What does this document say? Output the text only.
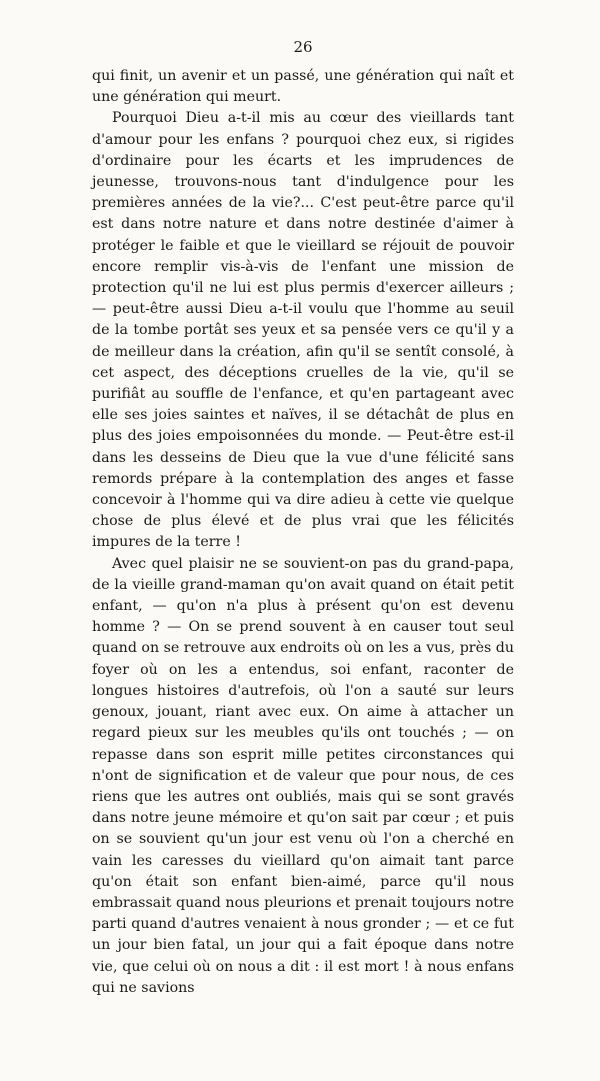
26

qui finit, un avenir et un passé, une génération qui naît et une génération qui meurt.

Pourquoi Dieu a-t-il mis au cœur des vieillards tant d'amour pour les enfans ? pourquoi chez eux, si rigides d'ordinaire pour les écarts et les imprudences de jeunesse, trouvons-nous tant d'indulgence pour les premières années de la vie?... C'est peut-être parce qu'il est dans notre nature et dans notre destinée d'aimer à protéger le faible et que le vieillard se réjouit de pouvoir encore remplir vis-à-vis de l'enfant une mission de protection qu'il ne lui est plus permis d'exercer ailleurs ; — peut-être aussi Dieu a-t-il voulu que l'homme au seuil de la tombe portât ses yeux et sa pensée vers ce qu'il y a de meilleur dans la création, afin qu'il se sentît consolé, à cet aspect, des déceptions cruelles de la vie, qu'il se purifiât au souffle de l'enfance, et qu'en partageant avec elle ses joies saintes et naïves, il se détachât de plus en plus des joies empoisonnées du monde. — Peut-être est-il dans les desseins de Dieu que la vue d'une félicité sans remords prépare à la contemplation des anges et fasse concevoir à l'homme qui va dire adieu à cette vie quelque chose de plus élevé et de plus vrai que les félicités impures de la terre !

Avec quel plaisir ne se souvient-on pas du grand-papa, de la vieille grand-maman qu'on avait quand on était petit enfant, — qu'on n'a plus à présent qu'on est devenu homme ? — On se prend souvent à en causer tout seul quand on se retrouve aux endroits où on les a vus, près du foyer où on les a entendus, soi enfant, raconter de longues histoires d'autrefois, où l'on a sauté sur leurs genoux, jouant, riant avec eux. On aime à attacher un regard pieux sur les meubles qu'ils ont touchés ; — on repasse dans son esprit mille petites circonstances qui n'ont de signification et de valeur que pour nous, de ces riens que les autres ont oubliés, mais qui se sont gravés dans notre jeune mémoire et qu'on sait par cœur ; et puis on se souvient qu'un jour est venu où l'on a cherché en vain les caresses du vieillard qu'on aimait tant parce qu'on était son enfant bien-aimé, parce qu'il nous embrassait quand nous pleurions et prenait toujours notre parti quand d'autres venaient à nous gronder ; — et ce fut un jour bien fatal, un jour qui a fait époque dans notre vie, que celui où on nous a dit : il est mort ! à nous enfans qui ne savions
